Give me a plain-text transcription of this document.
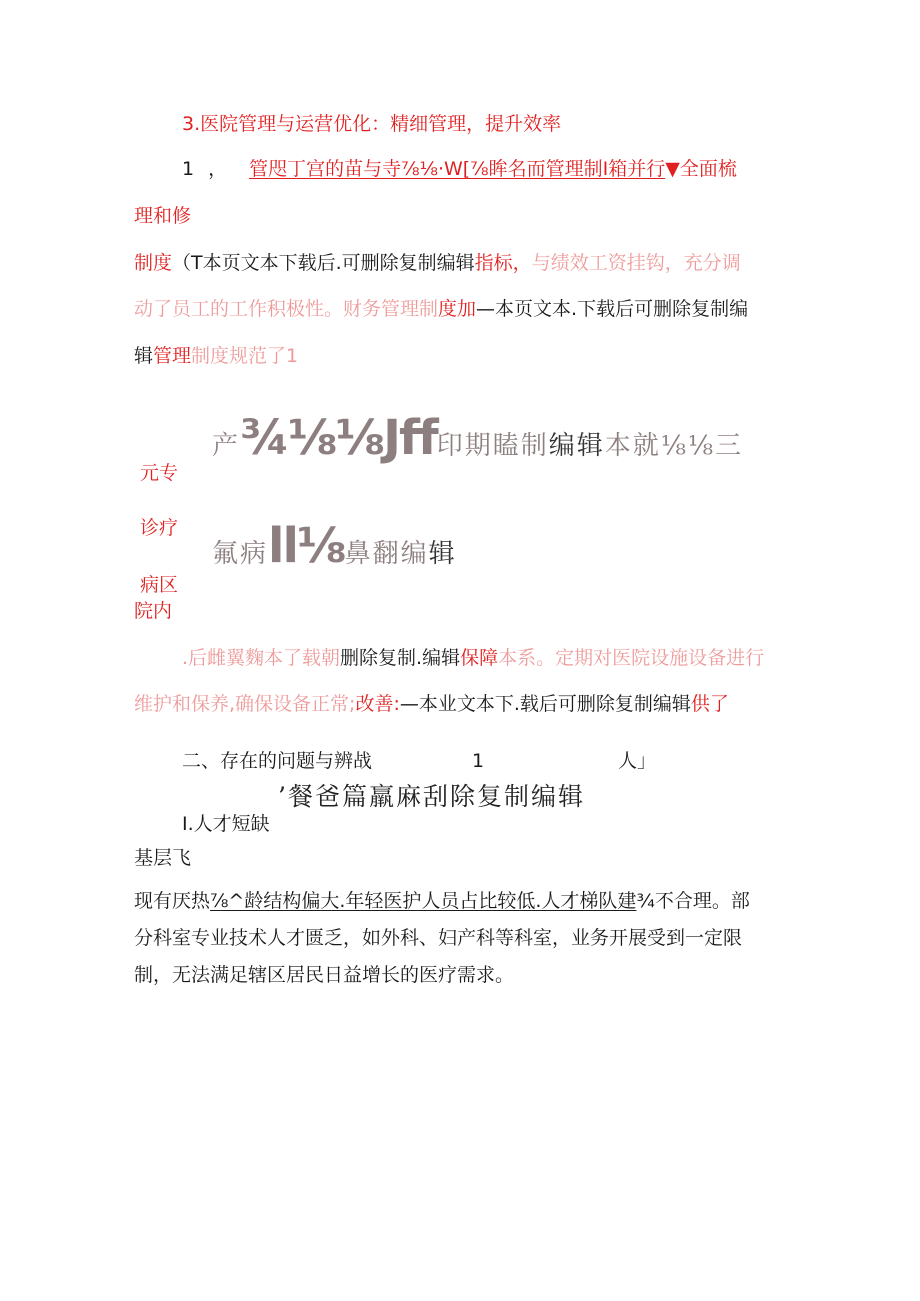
3.医院管理与运营优化：精细管理，提升效率
1 ， 管咫丁宫的苗与寺⅞⅛·W[⅞眸名而管理制I箱并行▼全面梳
理和修
制度（T本页文本下载后.可删除复制编辑指标，与绩效工资挂钩，充分调
动了员工的工作积极性。财务管理制度加—本页文本.下载后可删除复制编
辑管理制度规范了1
产¾⅛⅛Jff印期瞌制编辑本就⅛⅛三
元专
诊疗
氟病ll⅛鼻翻编辑
病区
院内
.后雌翼麴本了载朝删除复制.编辑保障本系。定期对医院设施设备进行
维护和保养,确保设备正常;改善:—本业文本下.载后可删除复制编辑供了
二、存在的问题与辨战	1	人」
’餐爸篇羸麻刮除复制编辑
I.人才短缺
基层飞
现有厌热⅞^龄结构偏大.年轻医护人员占比较低.人才梯队建¾不合理。部
分科室专业技术人才匮乏，如外科、妇产科等科室，业务开展受到一定限
制，无法满足辖区居民日益增长的医疗需求。
